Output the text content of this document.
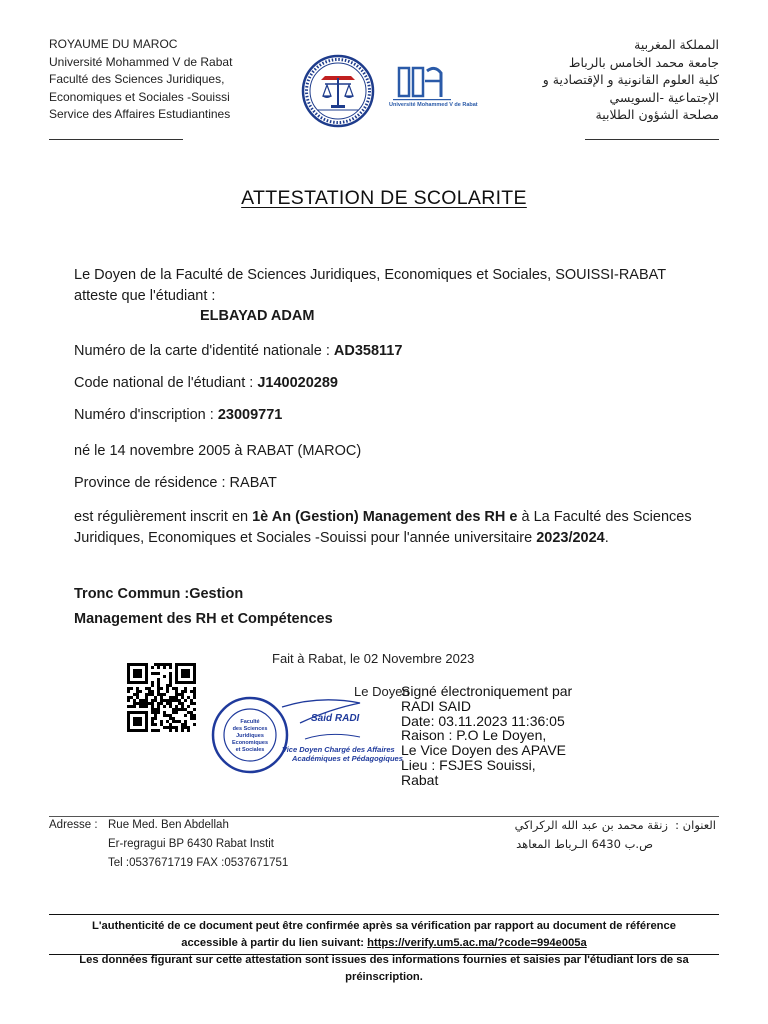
ROYAUME DU MAROC
Université Mohammed V de Rabat
Faculté des Sciences Juridiques,
Economiques et Sociales -Souissi
Service des Affaires Estudiantines
المملكة المغربية
جامعة محمد الخامس بالرباط
كلية العلوم القانونية و الإقتصادية و
الإجتماعية -السويسي
مصلحة الشؤون الطلابية
Université Mohammed V de Rabat
ATTESTATION DE SCOLARITE
Le Doyen de la Faculté de Sciences Juridiques, Economiques et Sociales, SOUISSI-RABAT atteste que l'étudiant :
ELBAYAD ADAM
Numéro de la carte d'identité nationale : AD358117
Code national de l'étudiant : J140020289
Numéro d'inscription : 23009771
né le 14 novembre 2005 à RABAT (MAROC)
Province de résidence : RABAT
est régulièrement inscrit en 1è An (Gestion) Management des RH e à La Faculté des Sciences Juridiques, Economiques et Sociales -Souissi pour l'année universitaire 2023/2024.
Tronc Commun :Gestion
Management des RH et Compétences
Fait à Rabat, le 02 Novembre 2023
Faculté
des Sciences
Juridiques
Economiques
et Sociales
Said RADI
Vice Doyen Chargé des Affaires
Académiques et Pédagogiques
Le Doyen
Signé électroniquement par
RADI SAID
Date: 03.11.2023 11:36:05
Raison : P.O Le Doyen,
Le Vice Doyen des APAVE
Lieu : FSJES Souissi,
Rabat
Adresse : Rue Med. Ben Abdellah
Er-regragui BP 6430 Rabat Instit
Tel :0537671719 FAX :0537671751
العنوان :
زنقة محمد بن عبد الله الركراكي
ص.ب 6430 الـرباط المعاهد
L'authenticité de ce document peut être confirmée après sa vérification par rapport au document de référence
accessible à partir du lien suivant: https://verify.um5.ac.ma/?code=994e005a
Les données figurant sur cette attestation sont issues des informations fournies et saisies par l'étudiant lors de sa préinscription.
